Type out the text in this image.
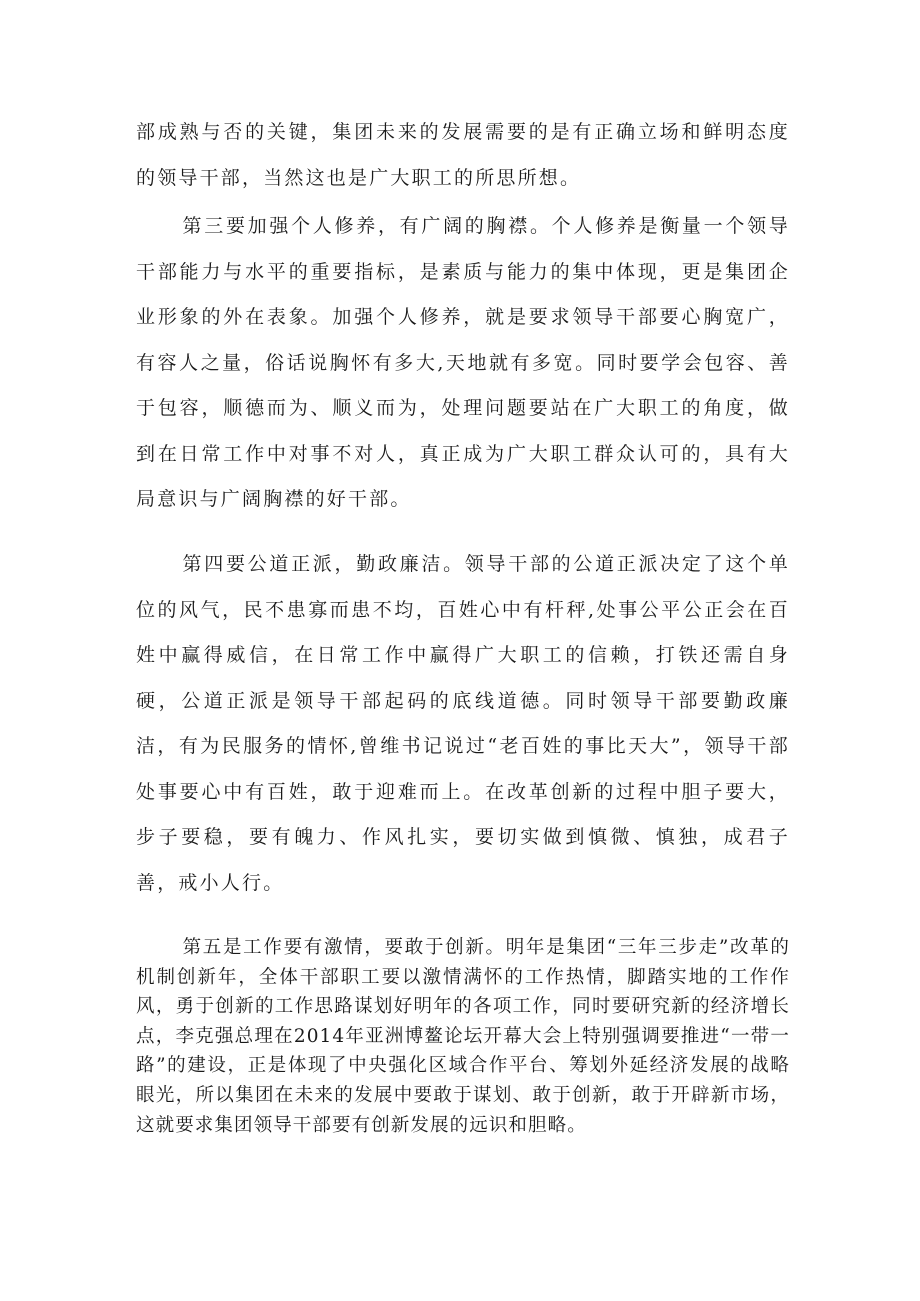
部成熟与否的关键，集团未来的发展需要的是有正确立场和鲜明态度的领导干部，当然这也是广大职工的所思所想。

第三要加强个人修养，有广阔的胸襟。个人修养是衡量一个领导干部能力与水平的重要指标，是素质与能力的集中体现，更是集团企业形象的外在表象。加强个人修养，就是要求领导干部要心胸宽广，有容人之量，俗话说胸怀有多大,天地就有多宽。同时要学会包容、善于包容，顺德而为、顺义而为，处理问题要站在广大职工的角度，做到在日常工作中对事不对人，真正成为广大职工群众认可的，具有大局意识与广阔胸襟的好干部。

第四要公道正派，勤政廉洁。领导干部的公道正派决定了这个单位的风气，民不患寡而患不均，百姓心中有杆秤,处事公平公正会在百姓中赢得威信，在日常工作中赢得广大职工的信赖，打铁还需自身硬，公道正派是领导干部起码的底线道德。同时领导干部要勤政廉洁，有为民服务的情怀,曾维书记说过“老百姓的事比天大”，领导干部处事要心中有百姓，敢于迎难而上。在改革创新的过程中胆子要大，步子要稳，要有魄力、作风扎实，要切实做到慎微、慎独，成君子善，戒小人行。

第五是工作要有激情，要敢于创新。明年是集团“三年三步走”改革的机制创新年，全体干部职工要以激情满怀的工作热情，脚踏实地的工作作风，勇于创新的工作思路谋划好明年的各项工作，同时要研究新的经济增长点，李克强总理在2014年亚洲博鳌论坛开幕大会上特别强调要推进“一带一路”的建设，正是体现了中央强化区域合作平台、筹划外延经济发展的战略眼光，所以集团在未来的发展中要敢于谋划、敢于创新，敢于开辟新市场，这就要求集团领导干部要有创新发展的远识和胆略。
